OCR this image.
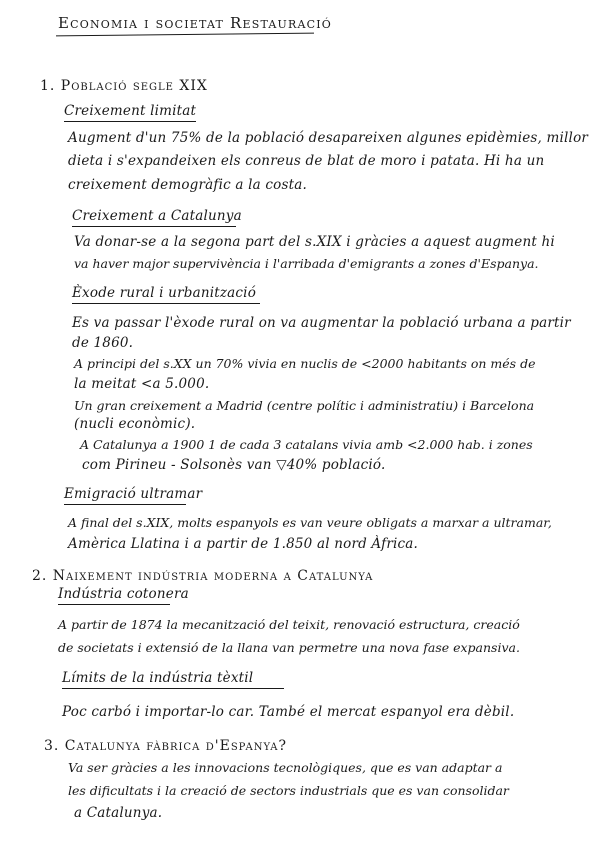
Economia i societat Restauració
1. Població segle XIX
Creixement limitat
Augment d'un 75% de la població desapareixen algunes epidèmies, millor
dieta i s'expandeixen els conreus de blat de moro i patata. Hi ha un
creixement demogràfic a la costa.
Creixement a Catalunya
Va donar-se a la segona part del s.XIX i gràcies a aquest augment hi
va haver major supervivència i l'arribada d'emigrants a zones d'Espanya.
Èxode rural i urbanització
Es va passar l'èxode rural on va augmentar la població urbana a partir
de 1860.
A principi del s.XX un 70% vivia en nuclis de <2000 habitants on més de
la meitat <a 5.000.
Un gran creixement a Madrid (centre polític i administratiu) i Barcelona
(nucli econòmic).
A Catalunya a 1900 1 de cada 3 catalans vivia amb <2.000 hab. i zones
com Pirineu - Solsonès van ▽40% població.
Emigració ultramar
A final del s.XIX, molts espanyols es van veure obligats a marxar a ultramar,
Amèrica Llatina i a partir de 1.850 al nord Àfrica.
2. Naixement indústria moderna a Catalunya
Indústria cotonera
A partir de 1874 la mecanització del teixit, renovació estructura, creació
de societats i extensió de la llana van permetre una nova fase expansiva.
Límits de la indústria tèxtil
Poc carbó i importar-lo car. També el mercat espanyol era dèbil.
3. Catalunya fàbrica d'Espanya?
Va ser gràcies a les innovacions tecnològiques, que es van adaptar a
les dificultats i la creació de sectors industrials que es van consolidar
a Catalunya.
